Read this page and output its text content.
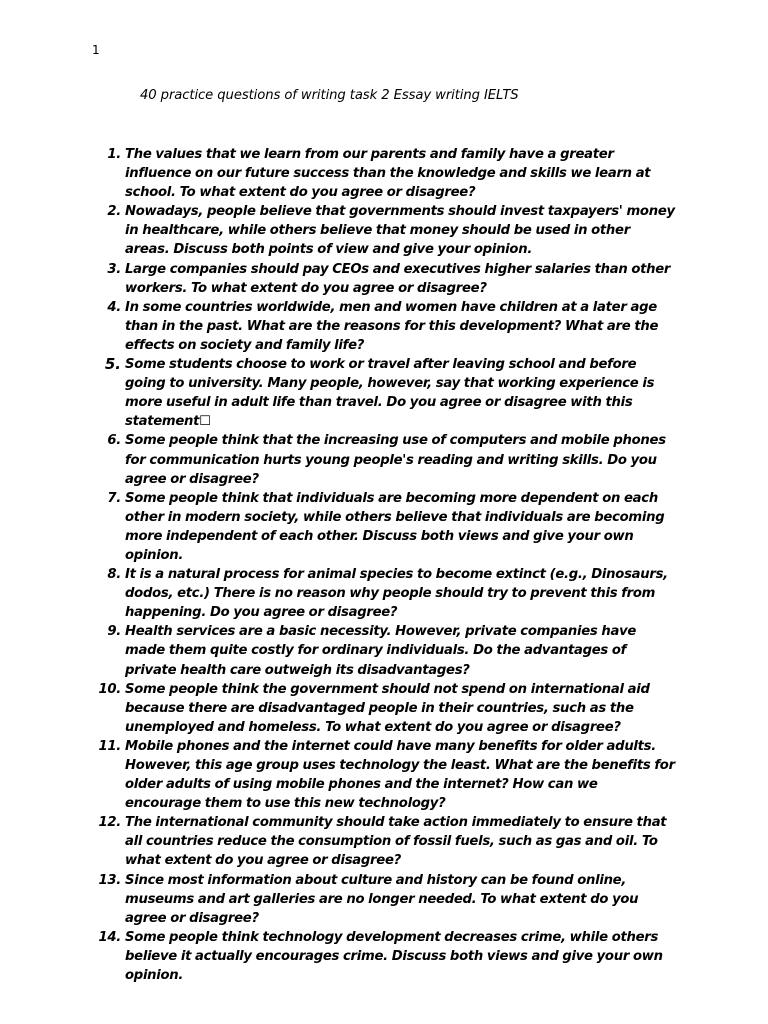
1
40 practice questions of writing task 2 Essay writing IELTS
1. The values that we learn from our parents and family have a greater influence on our future success than the knowledge and skills we learn at school. To what extent do you agree or disagree?
2. Nowadays, people believe that governments should invest taxpayers' money in healthcare, while others believe that money should be used in other areas. Discuss both points of view and give your opinion.
3. Large companies should pay CEOs and executives higher salaries than other workers. To what extent do you agree or disagree?
4. In some countries worldwide, men and women have children at a later age than in the past. What are the reasons for this development? What are the effects on society and family life?
5. Some students choose to work or travel after leaving school and before going to university. Many people, however, say that working experience is more useful in adult life than travel. Do you agree or disagree with this statement☐
6. Some people think that the increasing use of computers and mobile phones for communication hurts young people's reading and writing skills. Do you agree or disagree?
7. Some people think that individuals are becoming more dependent on each other in modern society, while others believe that individuals are becoming more independent of each other. Discuss both views and give your own opinion.
8. It is a natural process for animal species to become extinct (e.g., Dinosaurs, dodos, etc.) There is no reason why people should try to prevent this from happening. Do you agree or disagree?
9. Health services are a basic necessity. However, private companies have made them quite costly for ordinary individuals. Do the advantages of private health care outweigh its disadvantages?
10. Some people think the government should not spend on international aid because there are disadvantaged people in their countries, such as the unemployed and homeless. To what extent do you agree or disagree?
11. Mobile phones and the internet could have many benefits for older adults. However, this age group uses technology the least. What are the benefits for older adults of using mobile phones and the internet? How can we encourage them to use this new technology?
12. The international community should take action immediately to ensure that all countries reduce the consumption of fossil fuels, such as gas and oil. To what extent do you agree or disagree?
13. Since most information about culture and history can be found online, museums and art galleries are no longer needed. To what extent do you agree or disagree?
14. Some people think technology development decreases crime, while others believe it actually encourages crime. Discuss both views and give your own opinion.
